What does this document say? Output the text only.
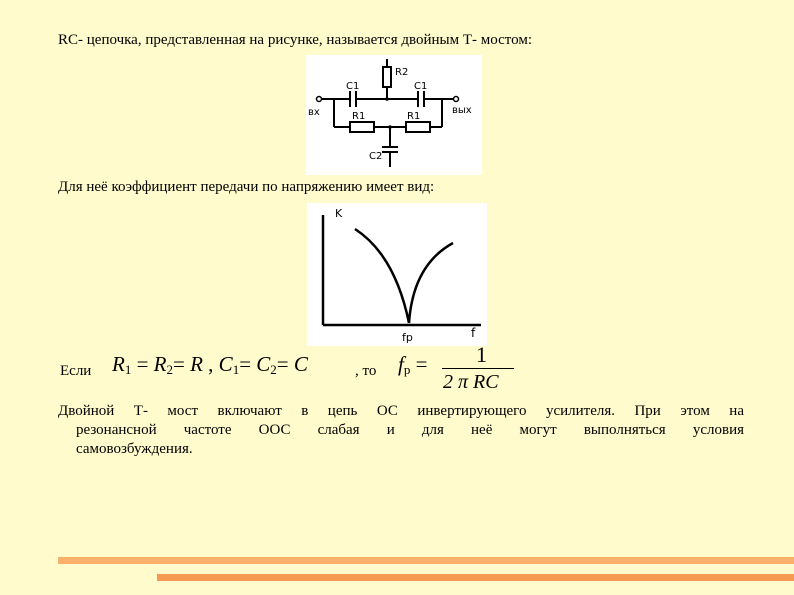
RC- цепочка, представленная на рисунке, называется двойным Т- мостом:
C1	C1
R2
R1	R1
C2
вх	вых
Для неё коэффициент передачи по напряжению имеет вид:
K
f
fр
Если $R_1 = R_2= R$ , $C_1= C_2= C$	, то $f_р = 1$
2 π RC
Двойной Т- мост включают в цепь ОС инвертирующего усилителя. При этом на
резонансной частоте ООС слабая и для неё могут выполняться условия
самовозбуждения.
